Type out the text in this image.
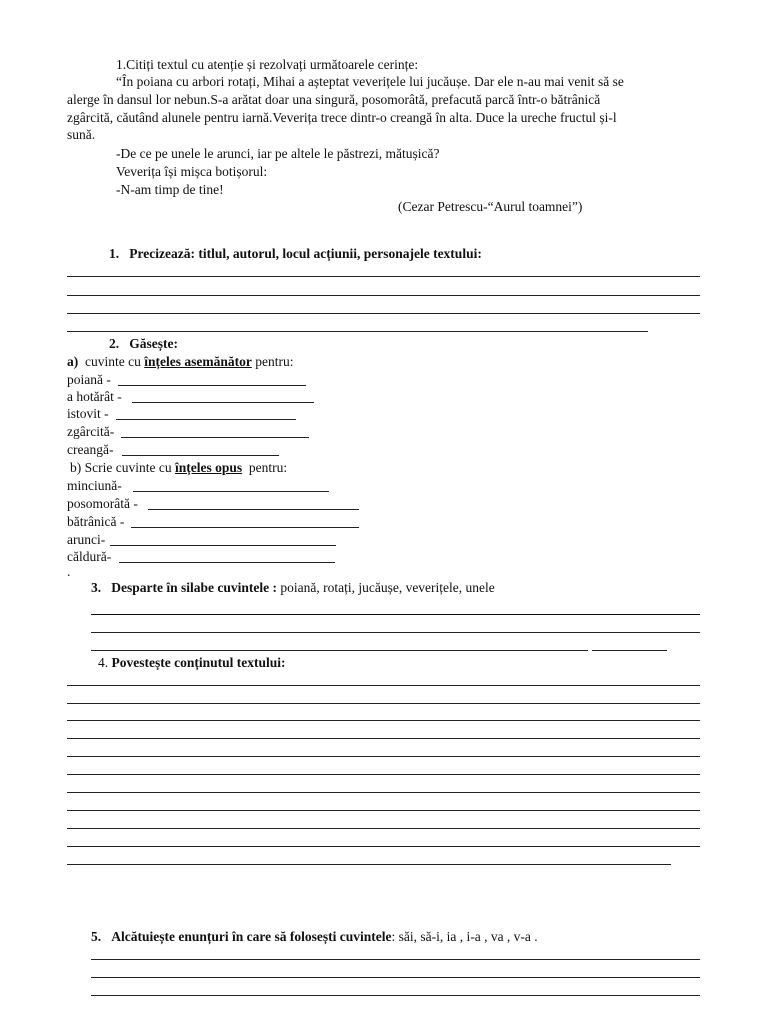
1.Citiți textul cu atenție și rezolvați următoarele cerințe:
“În poiana cu arbori rotați, Mihai a așteptat veverițele lui jucăușe. Dar ele n-au mai venit să se
alerge în dansul lor nebun.S-a arătat doar una singură, posomorâtă, prefacută parcă într-o bătrânică
zgârcită, căutând alunele pentru iarnă.Veverița trece dintr-o creangă în alta. Duce la ureche fructul și-l
sună.
-De ce pe unele le arunci, iar pe altele le păstrezi, mătușică?
Veverița își mișca botișorul:
-N-am timp de tine!
(Cezar Petrescu-“Aurul toamnei”)
1. Precizează: titlul, autorul, locul acțiunii, personajele textului:
2. Găsește:
a) cuvinte cu înțeles asemănător pentru:
poiană -
a hotărât -
istovit -
zgârcită-
creangă-
b) Scrie cuvinte cu înțeles opus pentru:
minciună-
posomorâtă -
bătrânică -
arunci-
căldură-
.
3. Desparte în silabe cuvintele : poiană, rotați, jucăușe, veverițele, unele
4. Povestește conținutul textului:
5. Alcătuiește enunțuri în care să folosești cuvintele: săi, să-i, ia , i-a , va , v-a .
